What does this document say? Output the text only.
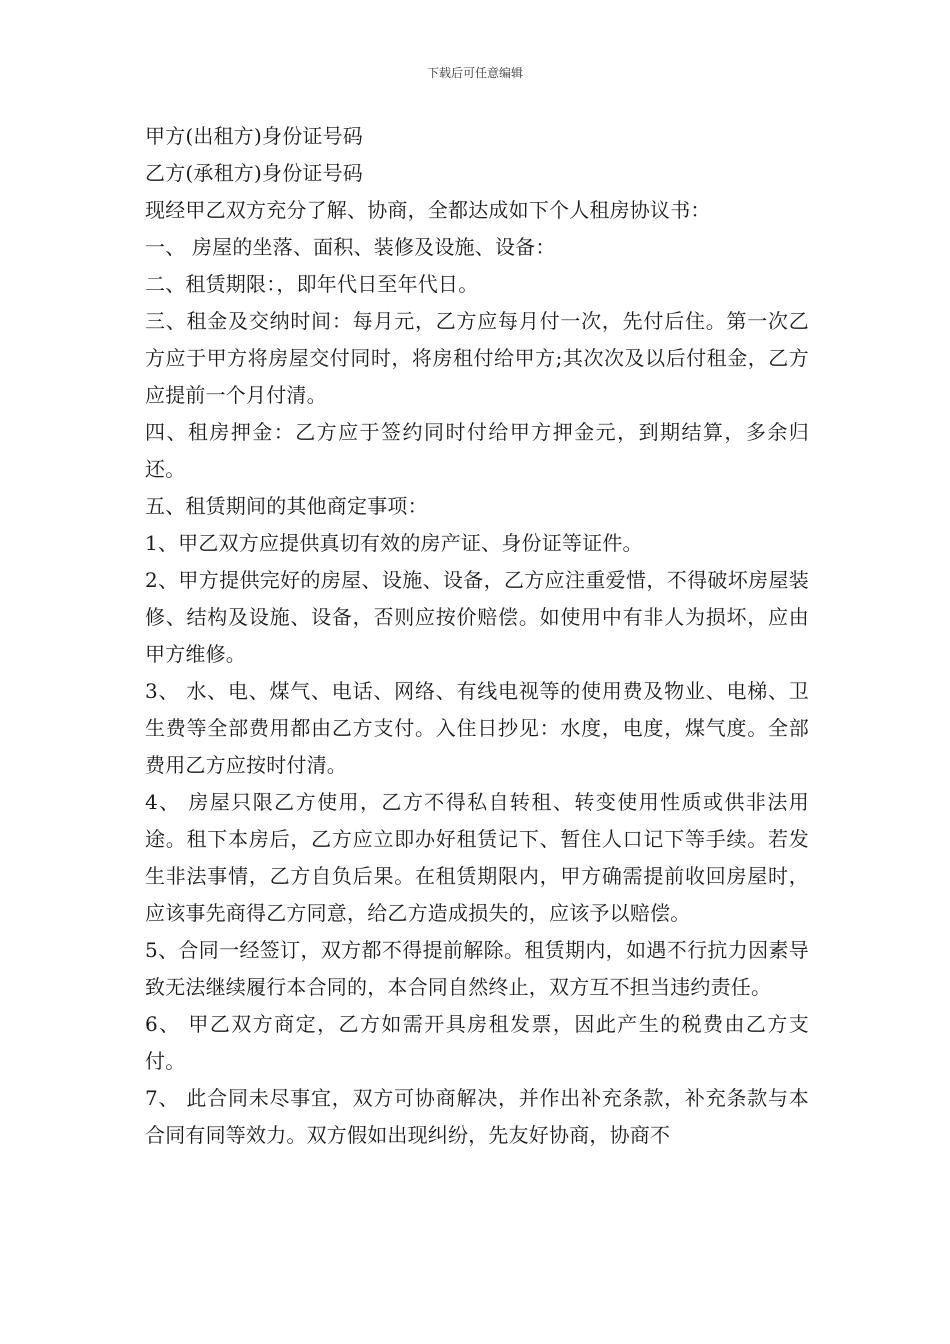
下载后可任意编辑

甲方(出租方)身份证号码

乙方(承租方)身份证号码

现经甲乙双方充分了解、协商，全都达成如下个人租房协议书：

一、 房屋的坐落、面积、装修及设施、设备：

二、租赁期限：，即年代日至年代日。

三、租金及交纳时间：每月元，乙方应每月付一次，先付后住。第一次乙方应于甲方将房屋交付同时，将房租付给甲方;其次次及以后付租金，乙方应提前一个月付清。

四、租房押金：乙方应于签约同时付给甲方押金元，到期结算，多余归还。

五、租赁期间的其他商定事项：

1、甲乙双方应提供真切有效的房产证、身份证等证件。

2、甲方提供完好的房屋、设施、设备，乙方应注重爱惜，不得破坏房屋装修、结构及设施、设备，否则应按价赔偿。如使用中有非人为损坏，应由甲方维修。

3、 水、电、煤气、电话、网络、有线电视等的使用费及物业、电梯、卫生费等全部费用都由乙方支付。入住日抄见：水度，电度，煤气度。全部费用乙方应按时付清。

4、 房屋只限乙方使用，乙方不得私自转租、转变使用性质或供非法用途。租下本房后，乙方应立即办好租赁记下、暂住人口记下等手续。若发生非法事情，乙方自负后果。在租赁期限内，甲方确需提前收回房屋时，应该事先商得乙方同意，给乙方造成损失的，应该予以赔偿。

5、合同一经签订，双方都不得提前解除。租赁期内，如遇不行抗力因素导致无法继续履行本合同的，本合同自然终止，双方互不担当违约责任。

6、 甲乙双方商定，乙方如需开具房租发票，因此产生的税费由乙方支付。

7、 此合同未尽事宜，双方可协商解决，并作出补充条款，补充条款与本合同有同等效力。双方假如出现纠纷，先友好协商，协商不
